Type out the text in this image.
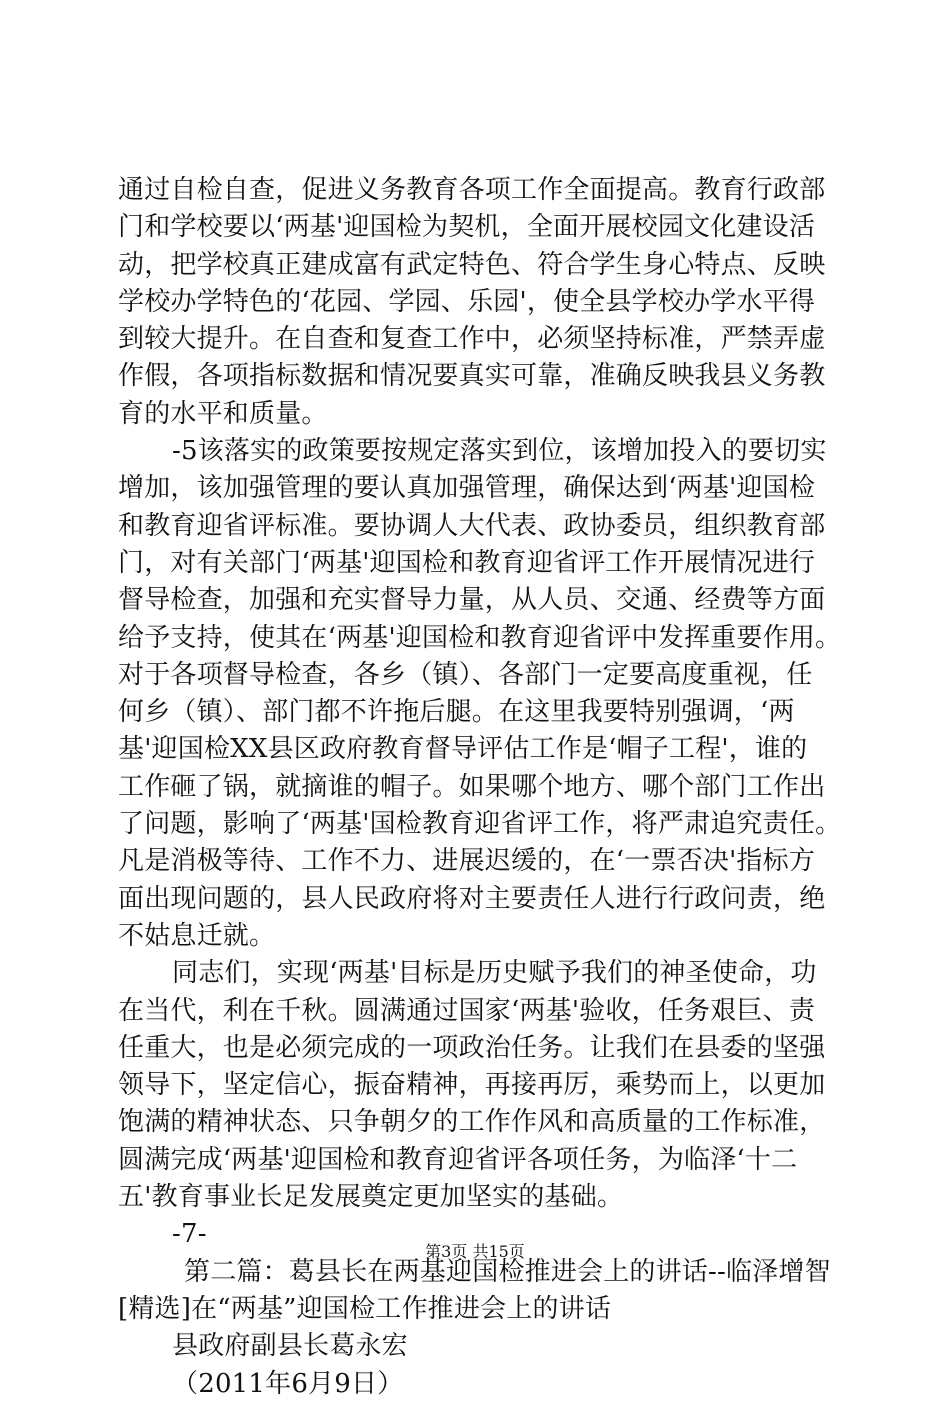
通过自检自查，促进义务教育各项工作全面提高。教育行政部
门和学校要以‘两基'迎国检为契机，全面开展校园文化建设活
动，把学校真正建成富有武定特色、符合学生身心特点、反映
学校办学特色的‘花园、学园、乐园'，使全县学校办学水平得
到较大提升。在自查和复查工作中，必须坚持标准，严禁弄虚
作假，各项指标数据和情况要真实可靠，准确反映我县义务教
育的水平和质量。
-5该落实的政策要按规定落实到位，该增加投入的要切实
增加，该加强管理的要认真加强管理，确保达到‘两基'迎国检
和教育迎省评标准。要协调人大代表、政协委员，组织教育部
门，对有关部门‘两基'迎国检和教育迎省评工作开展情况进行
督导检查，加强和充实督导力量，从人员、交通、经费等方面
给予支持，使其在‘两基'迎国检和教育迎省评中发挥重要作用。
对于各项督导检查，各乡（镇）、各部门一定要高度重视，任
何乡（镇）、部门都不许拖后腿。在这里我要特别强调，‘两
基'迎国检XX县区政府教育督导评估工作是‘帽子工程'，谁的
工作砸了锅，就摘谁的帽子。如果哪个地方、哪个部门工作出
了问题，影响了‘两基'国检教育迎省评工作，将严肃追究责任。
凡是消极等待、工作不力、进展迟缓的，在‘一票否决'指标方
面出现问题的，县人民政府将对主要责任人进行行政问责，绝
不姑息迁就。
同志们，实现‘两基'目标是历史赋予我们的神圣使命，功
在当代，利在千秋。圆满通过国家‘两基'验收，任务艰巨、责
任重大，也是必须完成的一项政治任务。让我们在县委的坚强
领导下，坚定信心，振奋精神，再接再厉，乘势而上，以更加
饱满的精神状态、只争朝夕的工作作风和高质量的工作标准，
圆满完成‘两基'迎国检和教育迎省评各项任务，为临泽‘十二
五'教育事业长足发展奠定更加坚实的基础。
-7-
第二篇：葛县长在两基迎国检推进会上的讲话--临泽增智
[精选]在“两基”迎国检工作推进会上的讲话
县政府副县长葛永宏
（2011年6月9日）
第3页 共15页
